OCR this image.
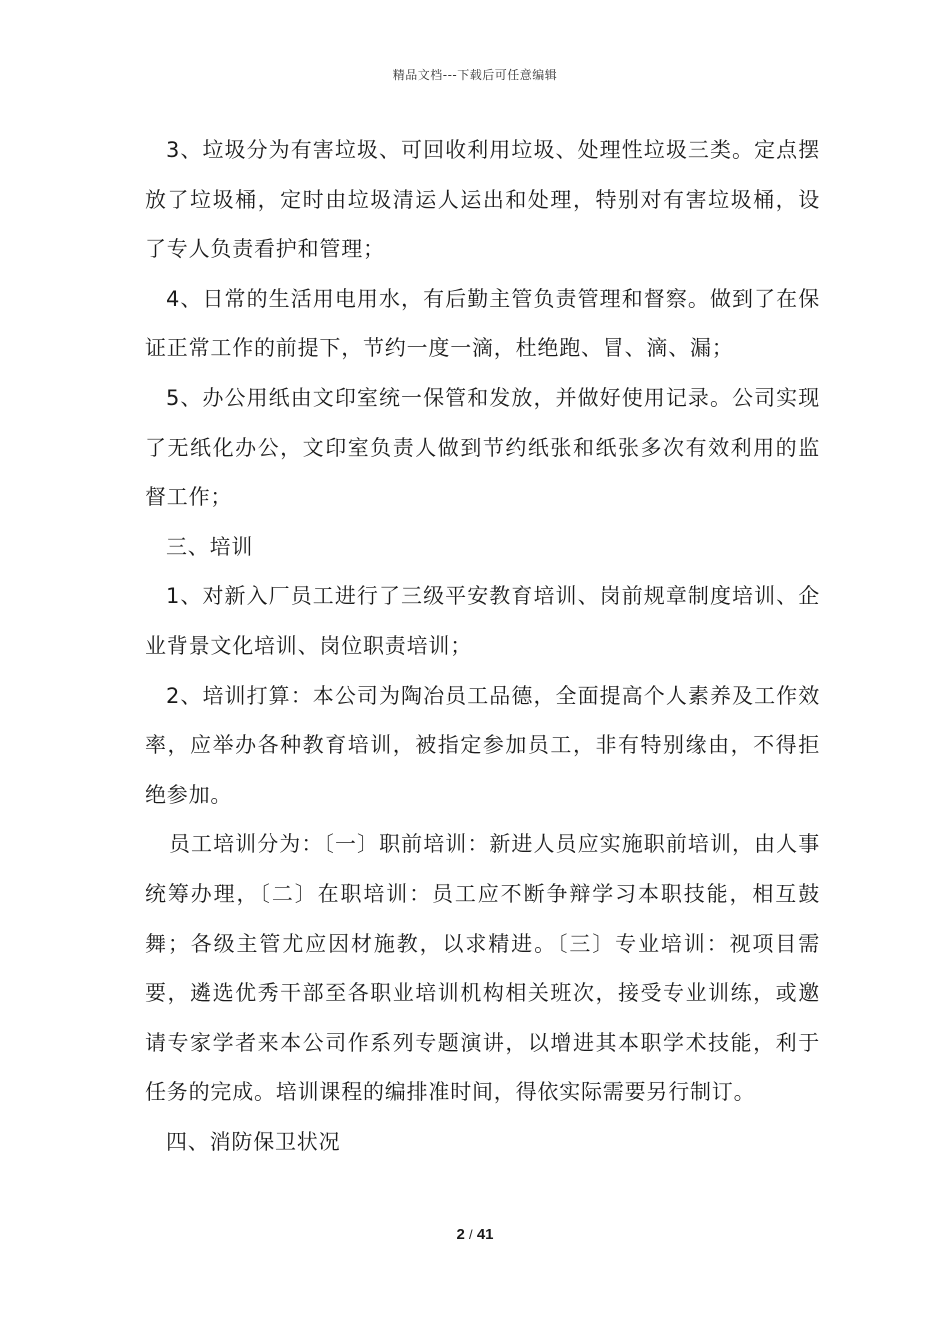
精品文档---下载后可任意编辑

3、垃圾分为有害垃圾、可回收利用垃圾、处理性垃圾三类。定点摆放了垃圾桶，定时由垃圾清运人运出和处理，特别对有害垃圾桶，设了专人负责看护和管理；

4、日常的生活用电用水，有后勤主管负责管理和督察。做到了在保证正常工作的前提下，节约一度一滴，杜绝跑、冒、滴、漏；

5、办公用纸由文印室统一保管和发放，并做好使用记录。公司实现了无纸化办公，文印室负责人做到节约纸张和纸张多次有效利用的监督工作；

三、培训

1、对新入厂员工进行了三级平安教育培训、岗前规章制度培训、企业背景文化培训、岗位职责培训；

2、培训打算：本公司为陶冶员工品德，全面提高个人素养及工作效率，应举办各种教育培训，被指定参加员工，非有特别缘由，不得拒绝参加。

员工培训分为：〔一〕职前培训：新进人员应实施职前培训，由人事统筹办理，〔二〕在职培训：员工应不断争辩学习本职技能，相互鼓舞；各级主管尤应因材施教，以求精进。〔三〕专业培训：视项目需要，遴选优秀干部至各职业培训机构相关班次，接受专业训练，或邀请专家学者来本公司作系列专题演讲，以增进其本职学术技能，利于任务的完成。培训课程的编排准时间，得依实际需要另行制订。

四、消防保卫状况

2 / 41
